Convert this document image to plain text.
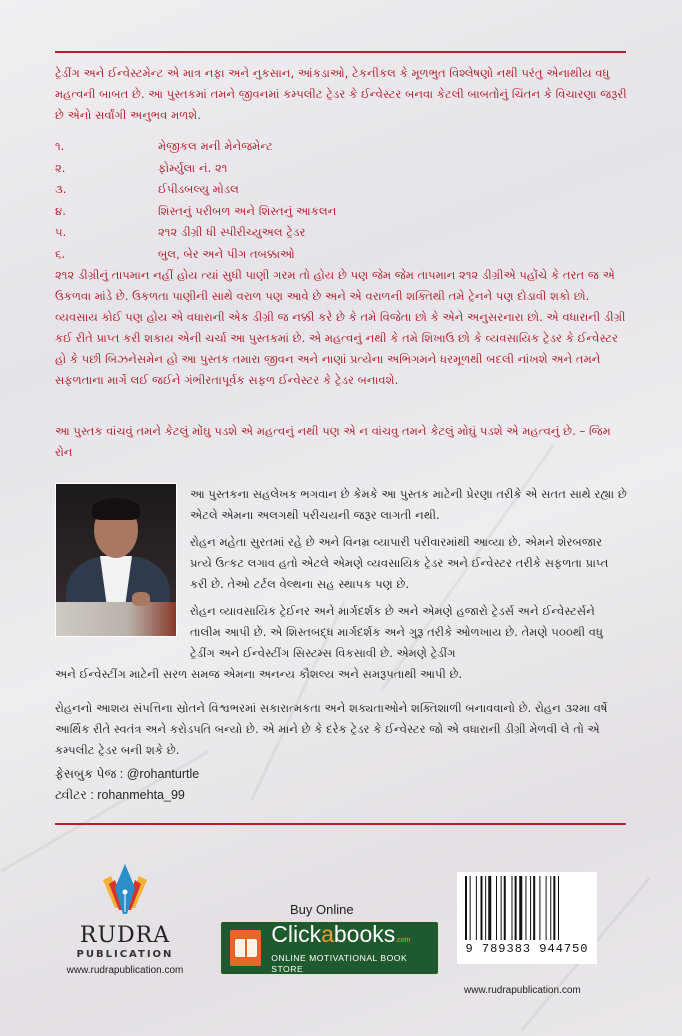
ટ્રેડીંગ અને ઈન્વેસ્ટમેન્ટ એ માત્ર નફા અને નુકસાન, આંકડાઓ, ટેકનીકલ કે મૂળભુત વિશ્લેષણો નથી પરંતુ એનાથીય વધુ મહત્વની બાબત છે. આ પુસ્તકમાં તમને જીવનમાં કમ્પલીટ ટ્રેડર કે ઈન્વેસ્ટર બનવા કેટલી બાબતોનું ચિંતન કે વિચારણા જરૂરી છે એનો સર્વાંગી અનુભવ મળશે.
૧.	મેજીકલ મની મેનેજમેન્ટ
૨.	ફોર્મ્યુલા નં. ૨૧
૩.	ઈપીડબલ્યુ મોડલ
૪.	શિસ્તનું પરીબળ અને શિસ્તનું આકલન
૫.	૨૧૨ ડીગ્રી ધી સ્પીરીચ્યુઅલ ટ્રેડર
૬.	બુલ, બેર અને પીગ તબક્કાઓ
૨૧૨ ડીગ્રીનું તાપમાન નહીં હોય ત્યાં સુધી પાણી ગરમ તો હોય છે પણ જેમ જેમ તાપમાન ૨૧૨ ડીગ્રીએ પહોંચે કે તરત જ એ ઉકળવા માંડે છે. ઉકળતા પાણીની સાથે વરાળ પણ આવે છે અને એ વરાળની શક્તિથી તમે ટ્રેનને પણ દોડાવી શકો છો. વ્યવસાય કોઈ પણ હોય એ વધારાની એક ડીગ્રી જ નક્કી કરે છે કે તમે વિજેતા છો કે એને અનુસરનારા છો. એ વધારાની ડીગ્રી કઈ રીતે પ્રાપ્ત કરી શકાય એની ચર્ચા આ પુસ્તકમાં છે. એ મહત્વનું નથી કે તમે શિખાઉ છો કે વ્યવસાયિક ટ્રેડર કે ઈન્વેસ્ટર હો કે પછી બિઝનેસમેન હો આ પુસ્તક તમારા જીવન અને નાણાં પ્રત્યેના અભિગમને ધરમૂળથી બદલી નાંખશે અને તમને સફળતાના માર્ગે લઈ જઈને ગંભીરતાપૂર્વક સફળ ઈન્વેસ્ટર કે ટ્રેડર બનાવશે.
આ પુસ્તક વાંચવું તમને કેટલું મોંઘુ પડશે એ મહત્વનું નથી પણ એ ન વાંચવુ તમને કેટલું મોઘું પડશે એ મહત્વનું છે. – જિમ રોન
આ પુસ્તકના સહલેખક ભગવાન છે કેમકે આ પુસ્તક માટેની પ્રેરણા તરીકે એ સતત સાથે રહ્યા છે એટલે એમના અલગથી પરીચયની જરૂર લાગતી નથી.
રોહન મહેતા સુરતમાં રહે છે અને વિનમ્ર વ્યાપારી પરીવારમાંથી આવ્યા છે. એમને શેરબજાર પ્રત્યે ઉત્કટ લગાવ હતો એટલે એમણે વ્યવસાયિક ટ્રેડર અને ઈન્વેસ્ટર તરીકે સફળતા પ્રાપ્ત કરી છે. તેઓ ટર્ટલ વેલ્થના સહ સ્થાપક પણ છે.
રોહન વ્યાવસાયિક ટ્રેઈનર અને માર્ગદર્શક છે અને એમણે હજારો ટ્રેડર્સ અને ઈન્વેસ્ટર્સને તાલીમ આપી છે. એ શિસ્તબદ્ધ માર્ગદર્શક અને ગુરૂ તરીકે ઓળખાય છે. તેમણે ૫૦૦થી વધુ ટ્રેડીંગ અને ઈન્વેસ્ટીંગ સિસ્ટમ્સ વિકસાવી છે. એમણે ટ્રેડીંગ
અને ઈન્વેસ્ટીંગ માટેની સરળ સમજ એમના અનન્ય કૌશલ્ય અને સમરૂપતાથી આપી છે.
રોહનનો આશય સંપત્તિના સ્રોતને વિશ્વભરમાં સકારાત્મકતા અને શક્યતાઓને શક્તિશાળી બનાવવાનો છે. રોહન ૩૨મા વર્ષે આર્થિક રીતે સ્વતંત્ર અને કરોડપતિ બન્યો છે. એ માને છે કે દરેક ટ્રેડર કે ઈન્વેસ્ટર જો એ વધારાની ડીગ્રી મેળવી લે તો એ કમ્પલીટ ટ્રેડર બની શકે છે.
ફેસબુક પેજ : @rohanturtle
ટ્વીટર : rohanmehta_99
RUDRA
PUBLICATION
www.rudrapublication.com
Buy Online
Clickabooks.com
ONLINE MOTIVATIONAL BOOK STORE
9 789383 944750
www.rudrapublication.com
